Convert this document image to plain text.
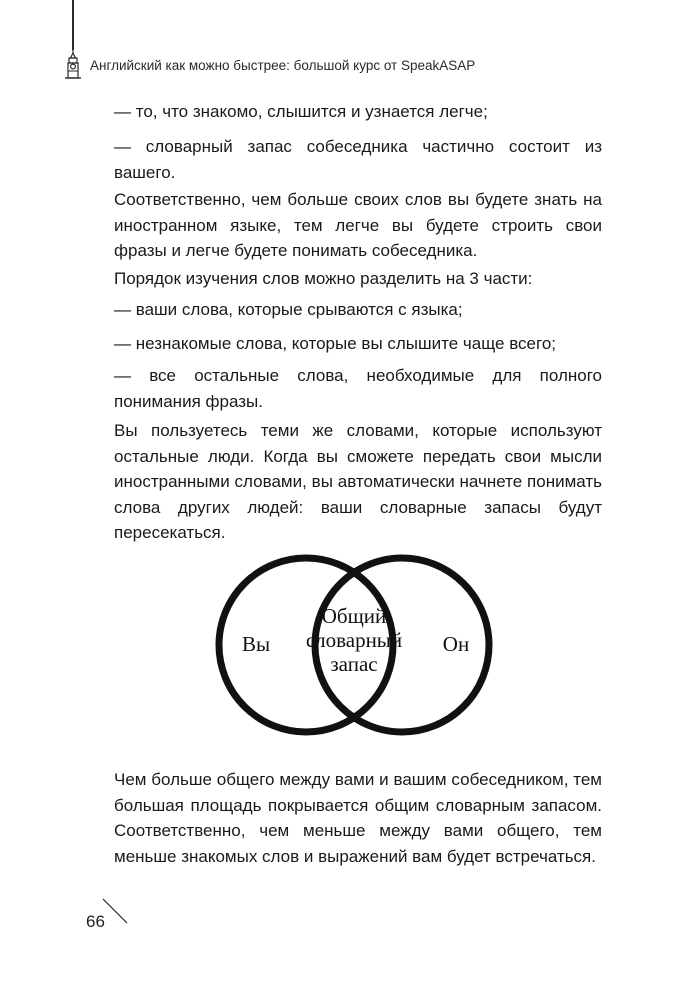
Английский как можно быстрее: большой курс от SpeakASAP

— то, что знакомо, слышится и узнается легче;

— словарный запас собеседника частично состоит из вашего.

Соответственно, чем больше своих слов вы будете знать на иностранном языке, тем легче вы будете строить свои фразы и легче будете понимать собеседника.

Порядок изучения слов можно разделить на 3 части:

— ваши слова, которые срываются с языка;

— незнакомые слова, которые вы слышите чаще всего;

— все остальные слова, необходимые для полного понимания фразы.

Вы пользуетесь теми же словами, которые используют остальные люди. Когда вы сможете передать свои мысли иностранными словами, вы автоматически начнете понимать слова других людей: ваши словарные запасы будут пересекаться.

Вы	Он
Общий
словарный
запас

Чем больше общего между вами и вашим собеседником, тем большая площадь покрывается общим словарным запасом. Соответственно, чем меньше между вами общего, тем меньше знакомых слов и выражений вам будет встречаться.

66
